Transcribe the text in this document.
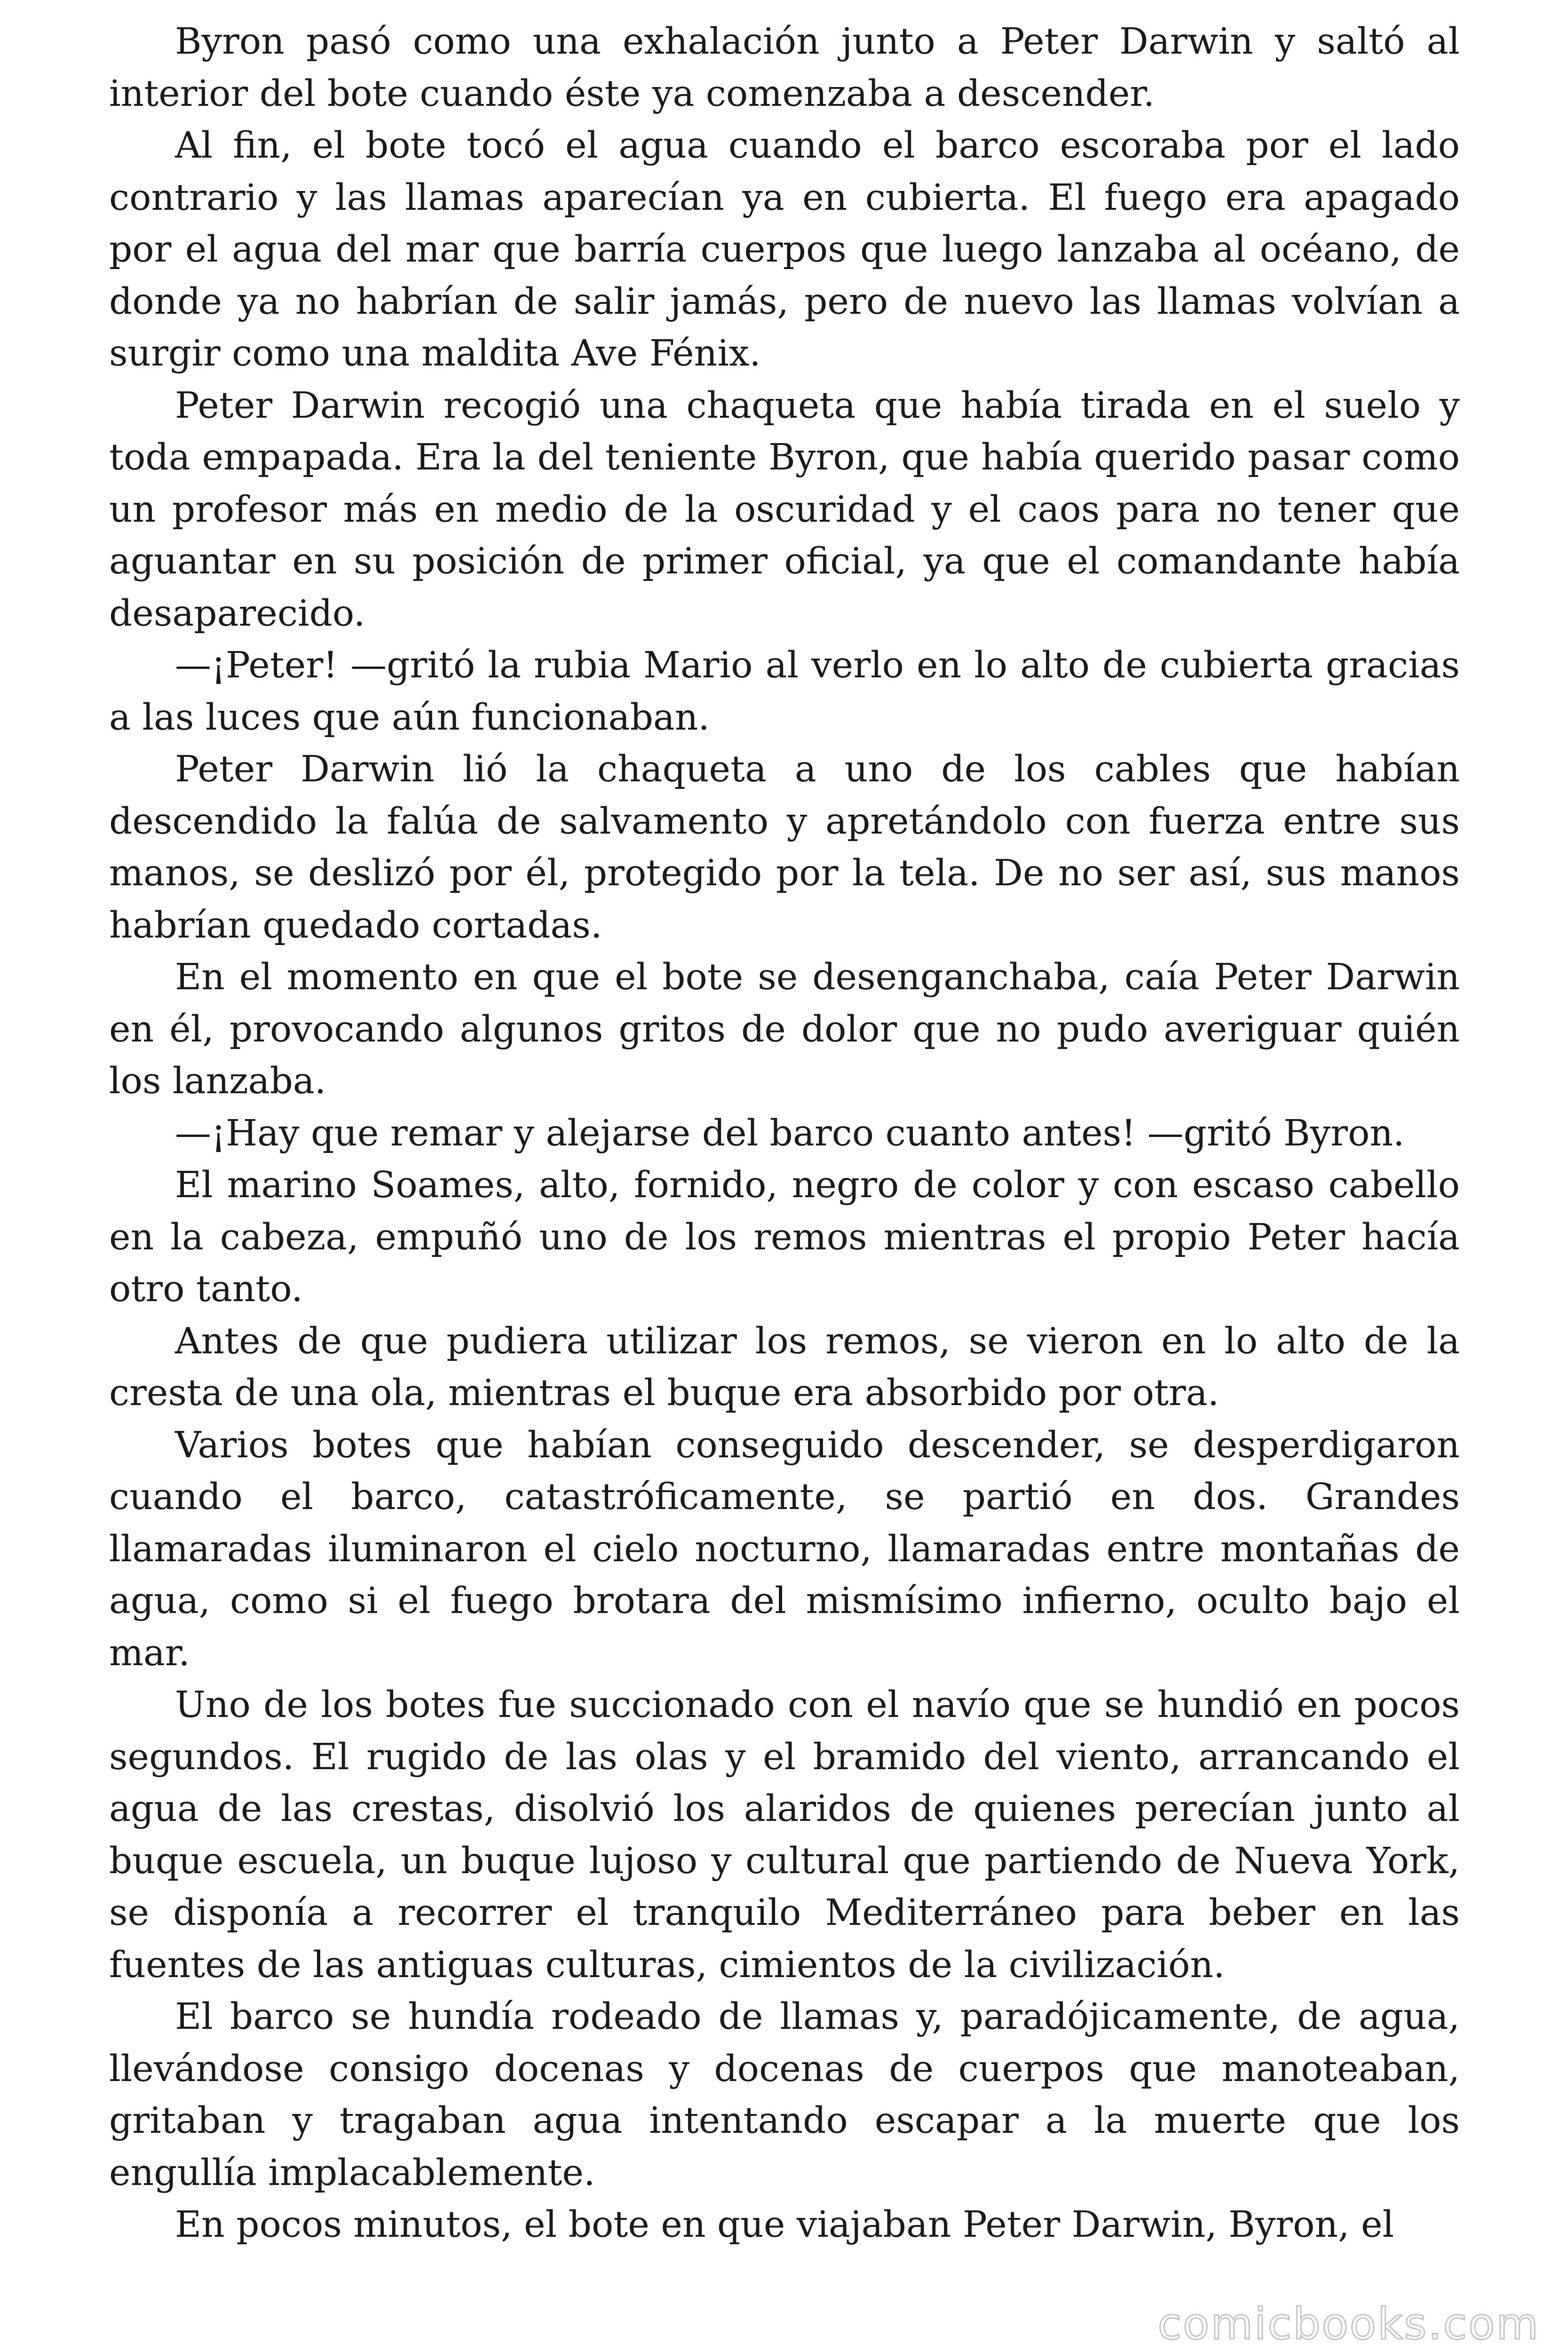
Byron pasó como una exhalación junto a Peter Darwin y saltó al interior del bote cuando éste ya comenzaba a descender.

Al fin, el bote tocó el agua cuando el barco escoraba por el lado contrario y las llamas aparecían ya en cubierta. El fuego era apagado por el agua del mar que barría cuerpos que luego lanzaba al océano, de donde ya no habrían de salir jamás, pero de nuevo las llamas volvían a surgir como una maldita Ave Fénix.

Peter Darwin recogió una chaqueta que había tirada en el suelo y toda empapada. Era la del teniente Byron, que había querido pasar como un profesor más en medio de la oscuridad y el caos para no tener que aguantar en su posición de primer oficial, ya que el comandante había desaparecido.

—¡Peter! —gritó la rubia Mario al verlo en lo alto de cubierta gracias a las luces que aún funcionaban.

Peter Darwin lió la chaqueta a uno de los cables que habían descendido la falúa de salvamento y apretándolo con fuerza entre sus manos, se deslizó por él, protegido por la tela. De no ser así, sus manos habrían quedado cortadas.

En el momento en que el bote se desenganchaba, caía Peter Darwin en él, provocando algunos gritos de dolor que no pudo averiguar quién los lanzaba.

—¡Hay que remar y alejarse del barco cuanto antes! —gritó Byron.

El marino Soames, alto, fornido, negro de color y con escaso cabello en la cabeza, empuñó uno de los remos mientras el propio Peter hacía otro tanto.

Antes de que pudiera utilizar los remos, se vieron en lo alto de la cresta de una ola, mientras el buque era absorbido por otra.

Varios botes que habían conseguido descender, se desperdigaron cuando el barco, catastróficamente, se partió en dos. Grandes llamaradas iluminaron el cielo nocturno, llamaradas entre montañas de agua, como si el fuego brotara del mismísimo infierno, oculto bajo el mar.

Uno de los botes fue succionado con el navío que se hundió en pocos segundos. El rugido de las olas y el bramido del viento, arrancando el agua de las crestas, disolvió los alaridos de quienes perecían junto al buque escuela, un buque lujoso y cultural que partiendo de Nueva York, se disponía a recorrer el tranquilo Mediterráneo para beber en las fuentes de las antiguas culturas, cimientos de la civilización.

El barco se hundía rodeado de llamas y, paradójicamente, de agua, llevándose consigo docenas y docenas de cuerpos que manoteaban, gritaban y tragaban agua intentando escapar a la muerte que los engullía implacablemente.

En pocos minutos, el bote en que viajaban Peter Darwin, Byron, el

comicbooks.com
